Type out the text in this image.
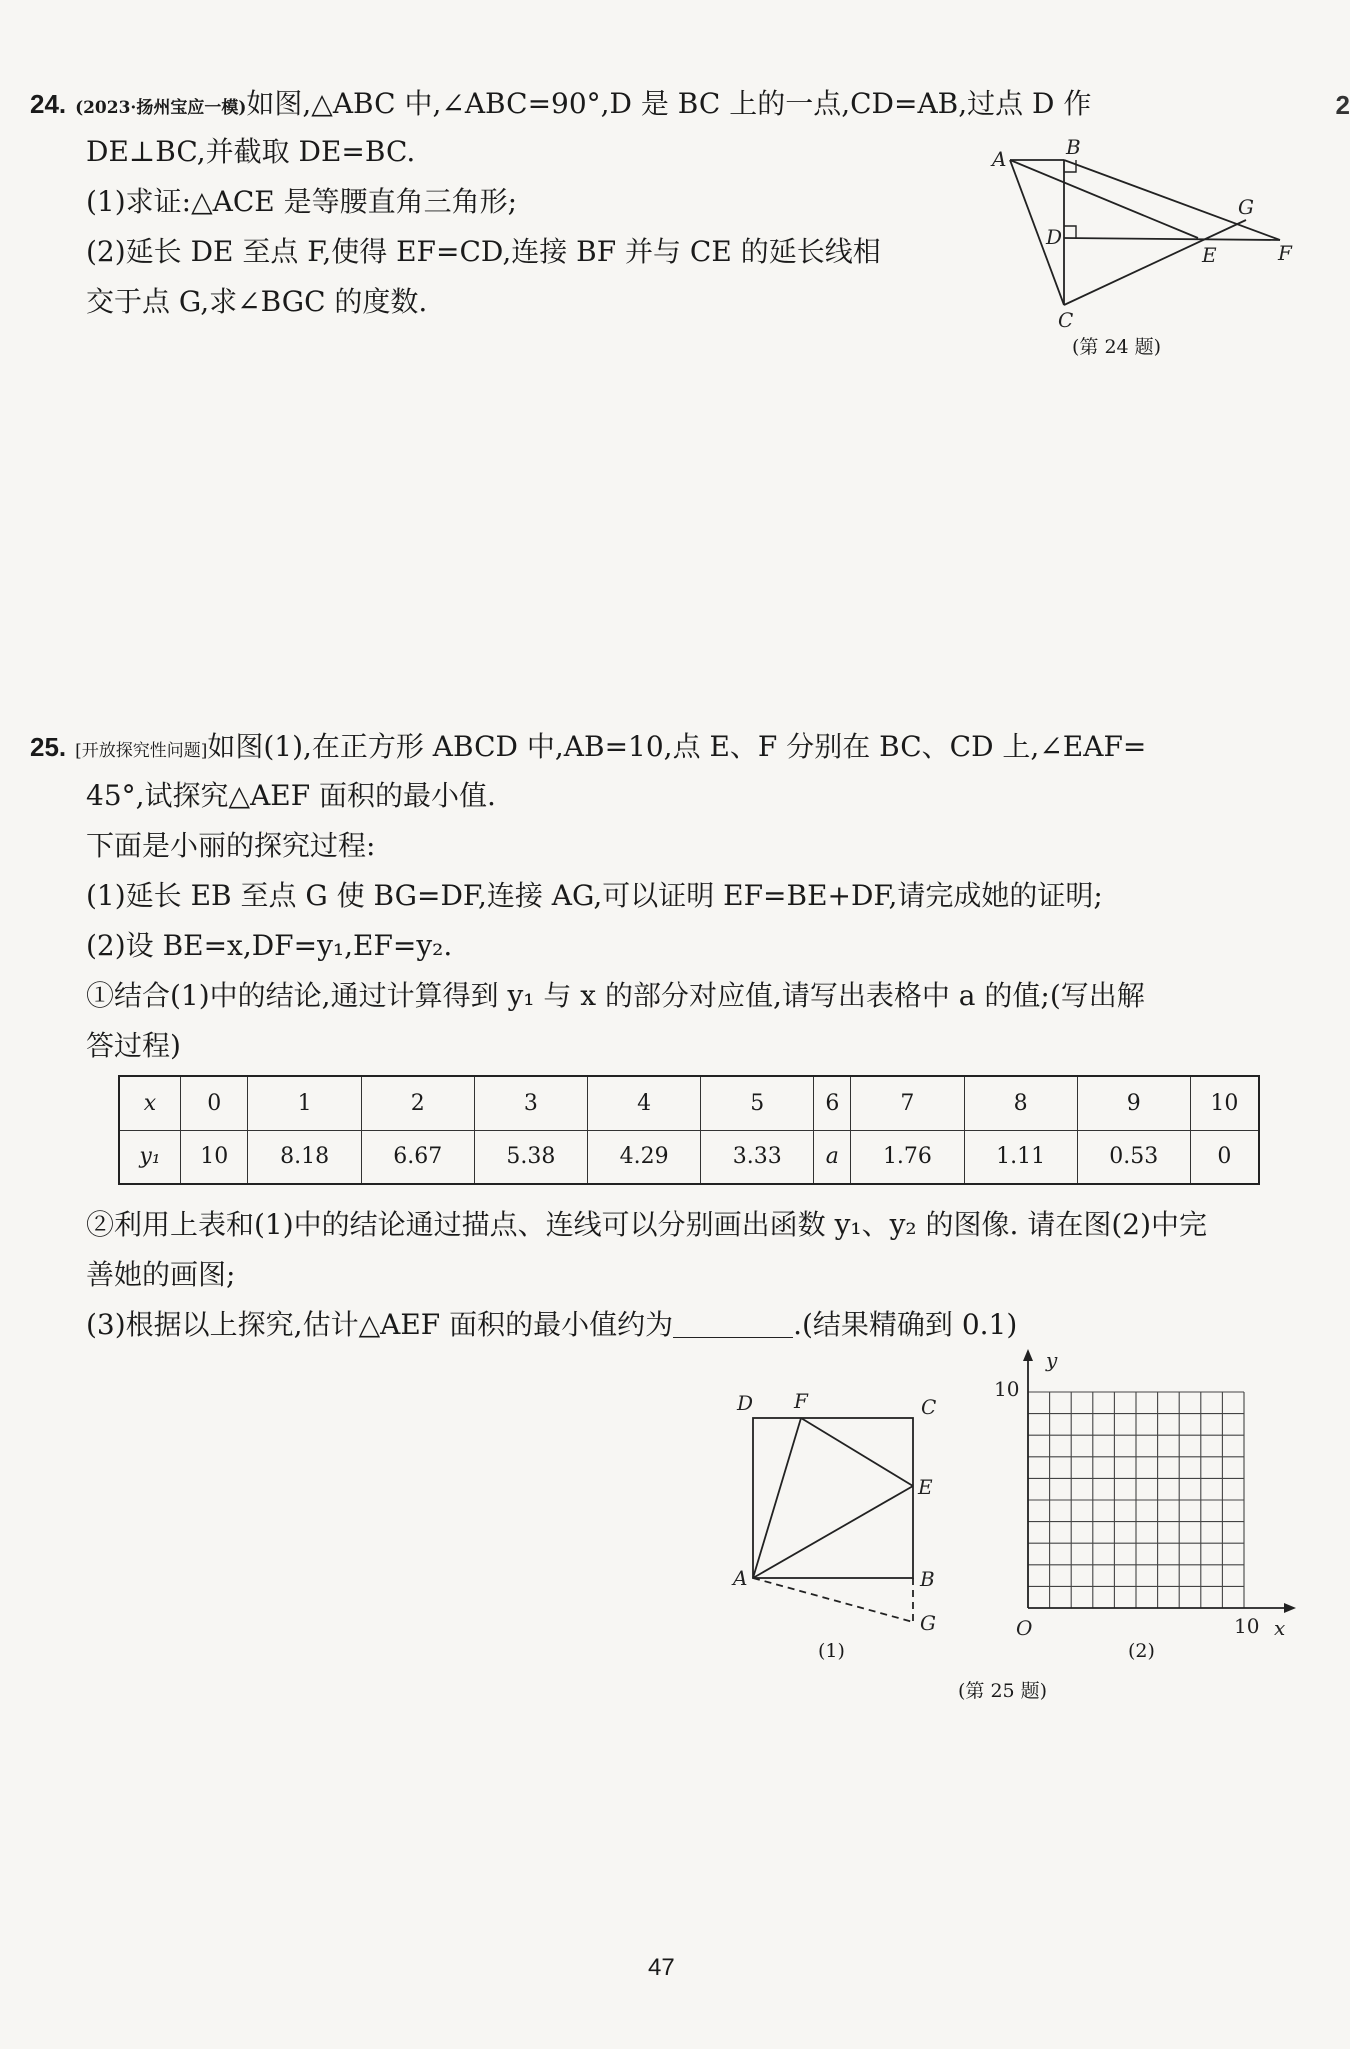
24. (2023·扬州宝应一模)如图,△ABC 中,∠ABC=90°,D 是 BC 上的一点,CD=AB,过点 D 作
DE⊥BC,并截取 DE=BC.
(1)求证:△ACE 是等腰直角三角形;
(2)延长 DE 至点 F,使得 EF=CD,连接 BF 并与 CE 的延长线相
交于点 G,求∠BGC 的度数.
A	B
G
D
E	F
C
(第 24 题)
25. [开放探究性问题]如图(1),在正方形 ABCD 中,AB=10,点 E、F 分别在 BC、CD 上,∠EAF=
45°,试探究△AEF 面积的最小值.
下面是小丽的探究过程:
(1)延长 EB 至点 G 使 BG=DF,连接 AG,可以证明 EF=BE+DF,请完成她的证明;
(2)设 BE=x,DF=y₁,EF=y₂.
①结合(1)中的结论,通过计算得到 y₁ 与 x 的部分对应值,请写出表格中 a 的值;(写出解
答过程)
x	0	1	2	3	4	5	6	7	8	9	10
y₁	10	8.18	6.67	5.38	4.29	3.33	a	1.76	1.11	0.53	0
②利用上表和(1)中的结论通过描点、连线可以分别画出函数 y₁、y₂ 的图像. 请在图(2)中完
善她的画图;
(3)根据以上探究,估计△AEF 面积的最小值约为	.(结果精确到 0.1)
D F	C
E
A	B
G
(1)
y
x
O
10
10
(2)
(第 25 题)
47
2
